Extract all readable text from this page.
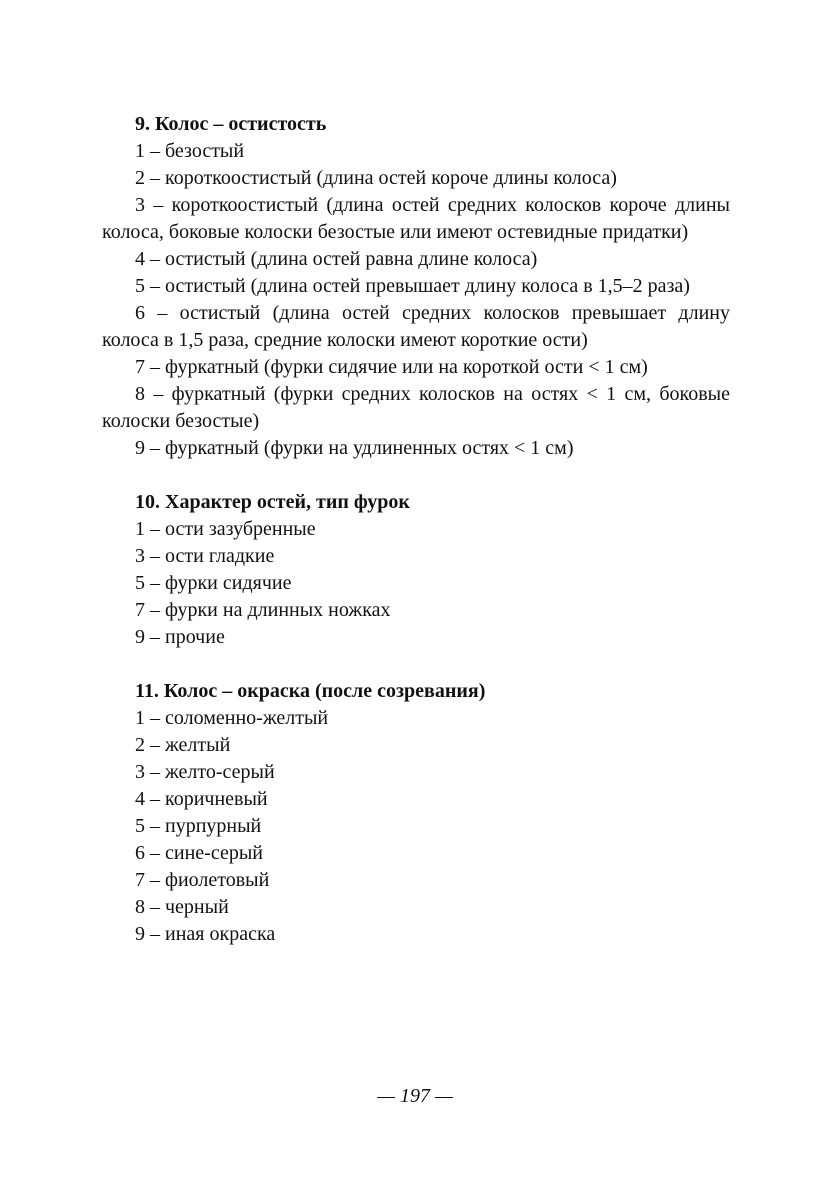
9. Колос – остистость

1 – безостый

2 – короткоостистый (длина остей короче длины колоса)

3 – короткоостистый (длина остей средних колосков короче длины колоса, боковые колоски безостые или имеют остевидные придатки)

4 – остистый (длина остей равна длине колоса)

5 – остистый (длина остей превышает длину колоса в 1,5–2 раза)

6 – остистый (длина остей средних колосков превышает длину колоса в 1,5 раза, средние колоски имеют короткие ости)

7 – фуркатный (фурки сидячие или на короткой ости < 1 см)

8 – фуркатный (фурки средних колосков на остях < 1 см, боковые колоски безостые)

9 – фуркатный (фурки на удлиненных остях < 1 см)

10. Характер остей, тип фурок

1 – ости зазубренные

3 – ости гладкие

5 – фурки сидячие

7 – фурки на длинных ножках

9 – прочие

11. Колос – окраска (после созревания)

1 – соломенно-желтый

2 – желтый

3 – желто-серый

4 – коричневый

5 – пурпурный

6 – сине-серый

7 – фиолетовый

8 – черный

9 – иная окраска

— 197 —
